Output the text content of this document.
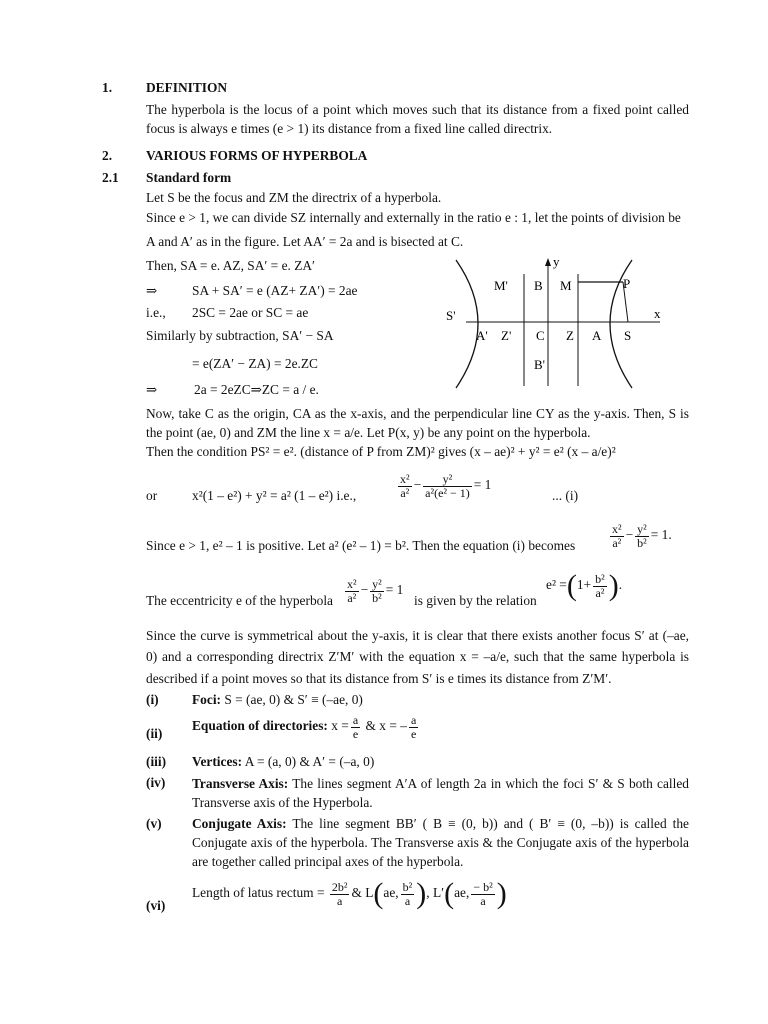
1.	DEFINITION
The hyperbola is the locus of a point which moves such that its distance from a fixed point called focus is always e times (e > 1) its distance from a fixed line called directrix.
2.	VARIOUS FORMS OF HYPERBOLA
2.1 Standard form
Let S be the focus and ZM the directrix of a hyperbola.
Since e > 1, we can divide SZ internally and externally in the ratio e : 1, let the points of division be
A and A′ as in the figure. Let AA′ = 2a and is bisected at C.
Then, SA = e. AZ, SA′ = e. ZA′
⇒	SA + SA′ = e (AZ+ ZA′) = 2ae
i.e., 2SC = 2ae or SC = ae
Similarly by subtraction, SA′ − SA
= e(ZA′ − ZA) = 2e.ZC
⇒	2a = 2eZC⇒ZC = a / e.
y
x
M' B M	P
S'
A' Z' C Z A S
B'
Now, take C as the origin, CA as the x-axis, and the perpendicular line CY as the y-axis. Then, S is the point (ae, 0) and ZM the line x = a/e. Let P(x, y) be any point on the hyperbola.
Then the condition PS² = e². (distance of P from ZM)² gives (x – ae)² + y² = e² (x – a/e)²
or	x²(1 – e²) + y² = a² (1 – e²) i.e.,	$\frac{\text{x²}}{\text{a²}} - \frac{\text{y²}}{\text{a²(e² − 1)}} = 1$
... (i)
Since e > 1, e² – 1 is positive. Let a² (e² – 1) = b². Then the equation (i) becomes	$\frac{\text{x²}}{\text{a²}} - \frac{\text{y²}}{\text{b²}} = 1$.
The eccentricity e of the hyperbola $\frac{\text{x²}}{\text{a²}} - \frac{\text{y²}}{\text{b²}} = 1$
is given by the relation
$e^2 =(1+ \frac{\text{b²}}{\text{a²}}$ ).
Since the curve is symmetrical about the y-axis, it is clear that there exists another focus S′ at (–ae, 0) and a corresponding directrix Z′M′ with the equation x = –a/e, such that the same hyperbola is described if a point moves so that its distance from S′ is e times its distance from Z′M′.
(i) Foci: S = (ae, 0) & S′ ≡ (–ae, 0)
(ii)
Equation of directories: $x = \frac{a}{e}$ & x = – $\frac{a}{e}$
(iii) Vertices: A = (a, 0) & A′ = (–a, 0)
(iv) Transverse Axis: The lines segment A′A of length 2a in which the foci S′ & S both called Transverse axis of the Hyperbola.
(v) Conjugate Axis: The line segment BB′ ( B ≡ (0, b)) and ( B′ ≡ (0, –b)) is called the Conjugate axis of the hyperbola. The Transverse axis & the Conjugate axis of the hyperbola are together called principal axes of the hyperbola.
(vi)
Length of latus rectum = $\frac{\text{2b²}}{a}$ & L(ae, $\frac{\text{b²}}{a}$ ), L′(ae, $\frac{\text{− b²}}{a}$ )
